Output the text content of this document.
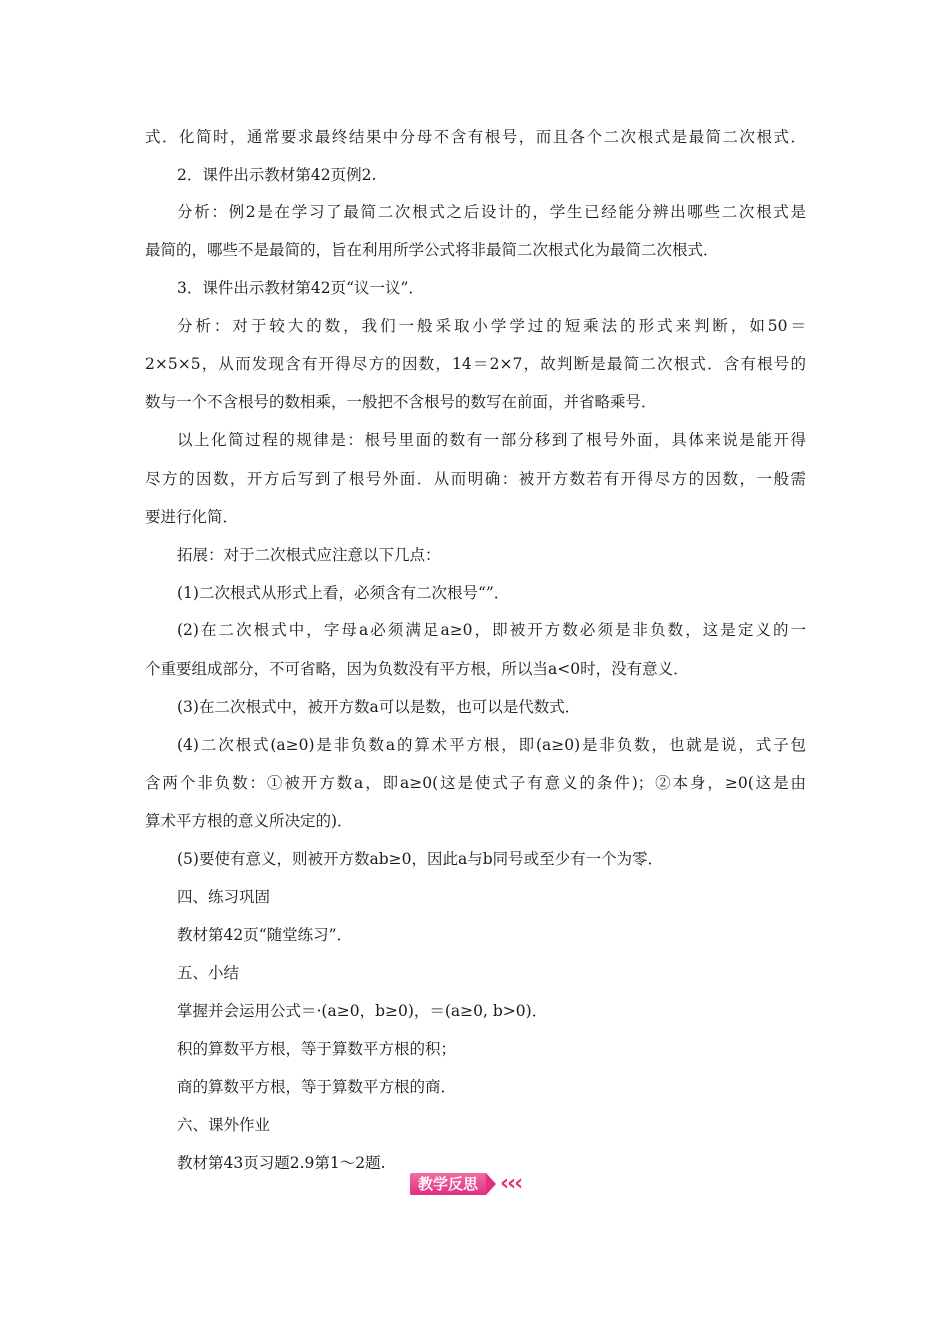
式．化简时，通常要求最终结果中分母不含有根号，而且各个二次根式是最简二次根式．
2．课件出示教材第42页例2.
分析：例2是在学习了最简二次根式之后设计的，学生已经能分辨出哪些二次根式是
最简的，哪些不是最简的，旨在利用所学公式将非最简二次根式化为最简二次根式．
3．课件出示教材第42页“议一议”．
分析：对于较大的数，我们一般采取小学学过的短乘法的形式来判断，如50＝
2×5×5，从而发现含有开得尽方的因数，14＝2×7，故判断是最简二次根式．含有根号的
数与一个不含根号的数相乘，一般把不含根号的数写在前面，并省略乘号．
以上化简过程的规律是：根号里面的数有一部分移到了根号外面，具体来说是能开得
尽方的因数，开方后写到了根号外面．从而明确：被开方数若有开得尽方的因数，一般需
要进行化简．
拓展：对于二次根式应注意以下几点：
(1)二次根式从形式上看，必须含有二次根号“”．
(2)在二次根式中，字母a必须满足a≥0，即被开方数必须是非负数，这是定义的一
个重要组成部分，不可省略，因为负数没有平方根，所以当a<0时，没有意义．
(3)在二次根式中，被开方数a可以是数，也可以是代数式．
(4)二次根式(a≥0)是非负数a的算术平方根，即(a≥0)是非负数，也就是说，式子包
含两个非负数：①被开方数a，即a≥0(这是使式子有意义的条件)；②本身，≥0(这是由
算术平方根的意义所决定的)．
(5)要使有意义，则被开方数ab≥0，因此a与b同号或至少有一个为零．
四、练习巩固
教材第42页“随堂练习”．
五、小结
掌握并会运用公式＝·(a≥0，b≥0)，＝(a≥0, b>0)．
积的算数平方根，等于算数平方根的积；
商的算数平方根，等于算数平方根的商．
六、课外作业
教材第43页习题2.9第1～2题.
教学反思	‹‹‹
